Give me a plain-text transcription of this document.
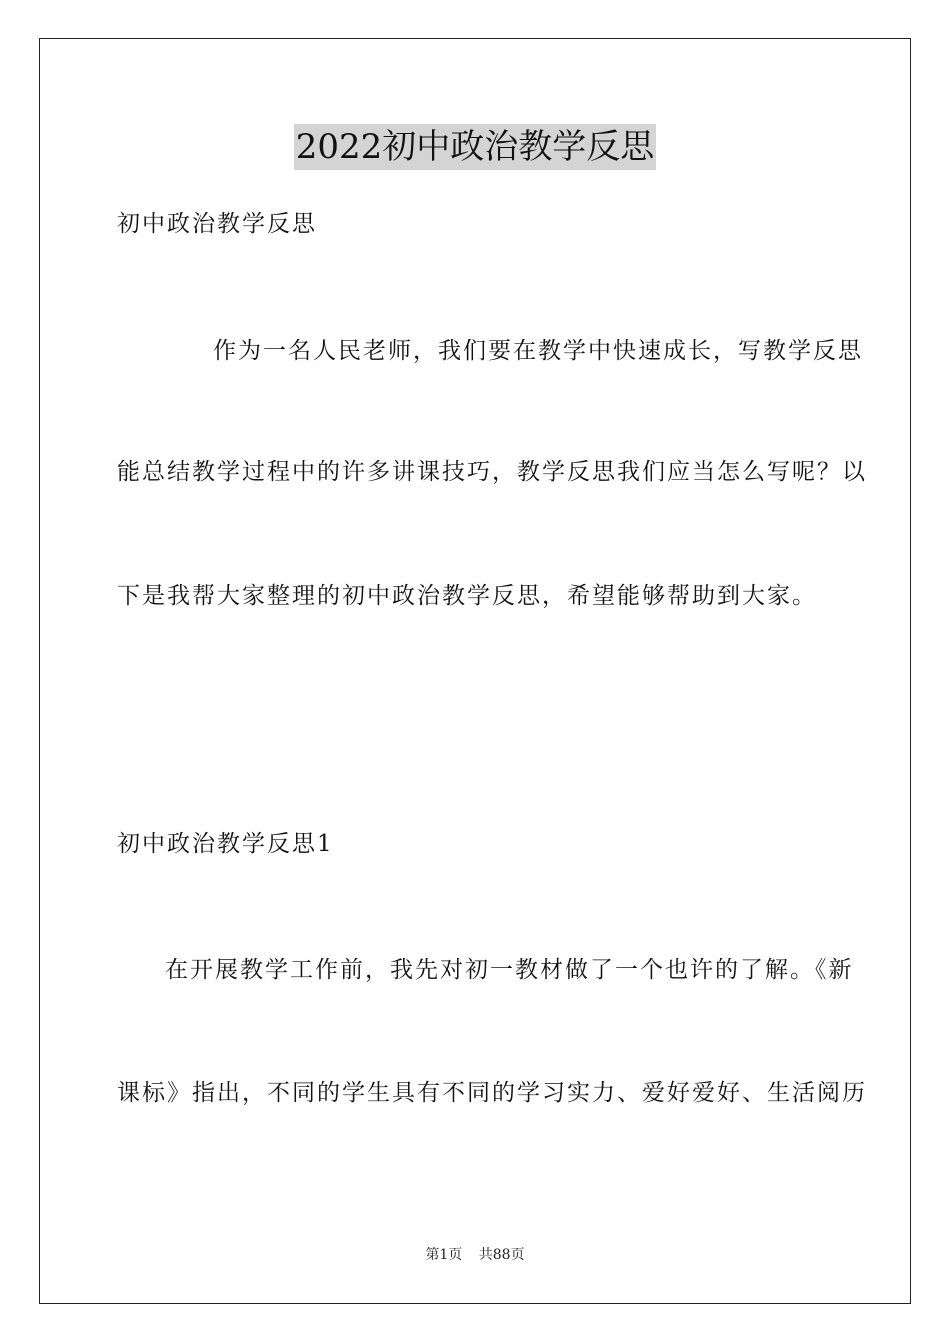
2022初中政治教学反思
初中政治教学反思
作为一名人民老师，我们要在教学中快速成长，写教学反思
能总结教学过程中的许多讲课技巧，教学反思我们应当怎么写呢？以
下是我帮大家整理的初中政治教学反思，希望能够帮助到大家。
初中政治教学反思1
在开展教学工作前，我先对初一教材做了一个也许的了解。《新
课标》指出，不同的学生具有不同的学习实力、爱好爱好、生活阅历
第1页 共88页
